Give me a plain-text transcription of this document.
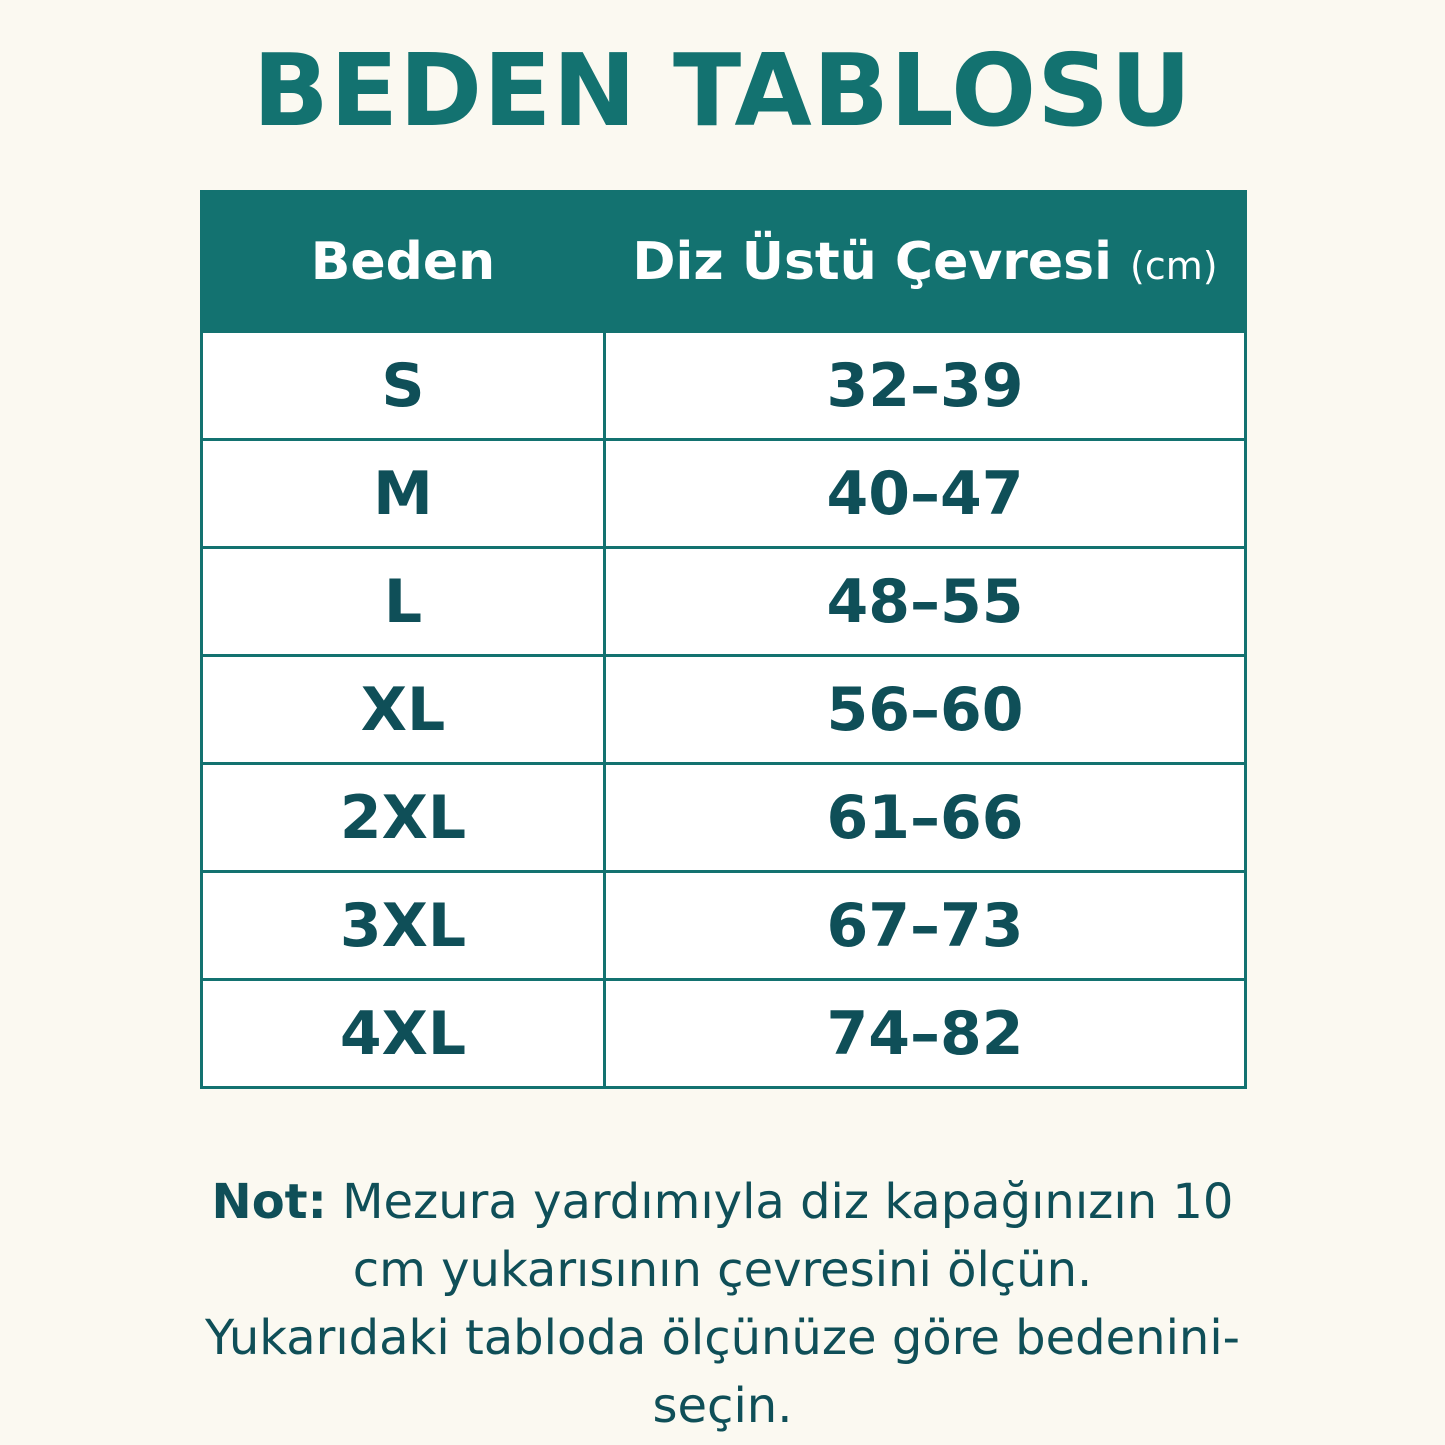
BEDEN TABLOSU
Beden	Diz Üstü Çevresi (cm)
S	32–39
M	40–47
L	48–55
XL	56–60
2XL	61–66
3XL	67–73
4XL	74–82
Not: Mezura yardımıyla diz kapağınızın 10
cm yukarısının çevresini ölçün.
Yukarıdaki tabloda ölçünüze göre bedenini-
seçin.
